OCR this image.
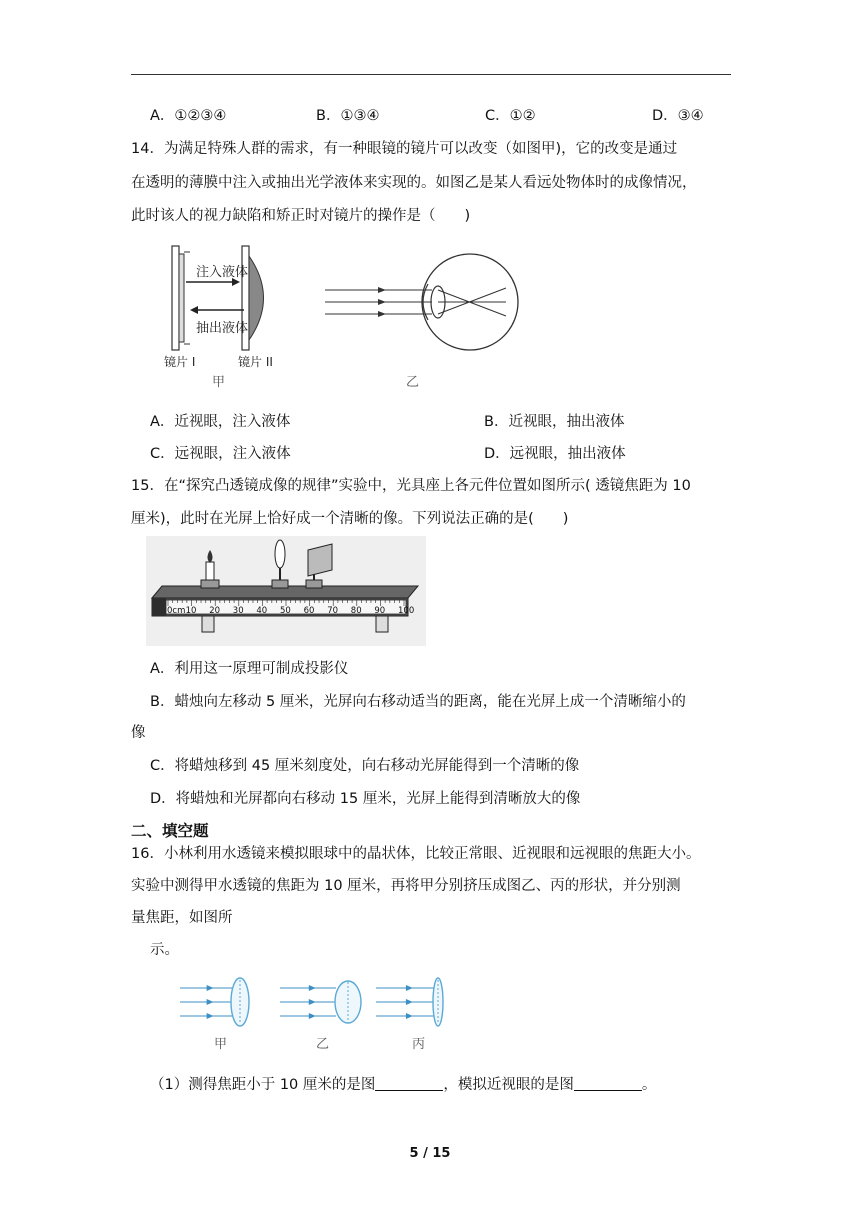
A．①②③④	B．①③④	C．①②	D．③④
14．为满足特殊人群的需求，有一种眼镜的镜片可以改变（如图甲)，它的改变是通过
在透明的薄膜中注入或抽出光学液体来实现的。如图乙是某人看远处物体时的成像情况，
此时该人的视力缺陷和矫正时对镜片的操作是（　　)
注入液体
抽出液体
镜片 I	镜片 II
甲	乙
A．近视眼，注入液体	B．近视眼，抽出液体
C．远视眼，注入液体	D．远视眼，抽出液体
15．在“探究凸透镜成像的规律”实验中，光具座上各元件位置如图所示( 透镜焦距为 10
厘米)，此时在光屏上恰好成一个清晰的像。下列说法正确的是(　　)
0cm 10 20 30 40 50 60 70 80 90 100
A．利用这一原理可制成投影仪
B．蜡烛向左移动 5 厘米，光屏向右移动适当的距离，能在光屏上成一个清晰缩小的
像
C．将蜡烛移到 45 厘米刻度处，向右移动光屏能得到一个清晰的像
D．将蜡烛和光屏都向右移动 15 厘米，光屏上能得到清晰放大的像
二、填空题
16．小林利用水透镜来模拟眼球中的晶状体，比较正常眼、近视眼和远视眼的焦距大小。
实验中测得甲水透镜的焦距为 10 厘米，再将甲分别挤压成图乙、丙的形状，并分别测
量焦距，如图所
示。
甲	乙	丙
（1）测得焦距小于 10 厘米的是图	，模拟近视眼的是图	。
5 / 15
